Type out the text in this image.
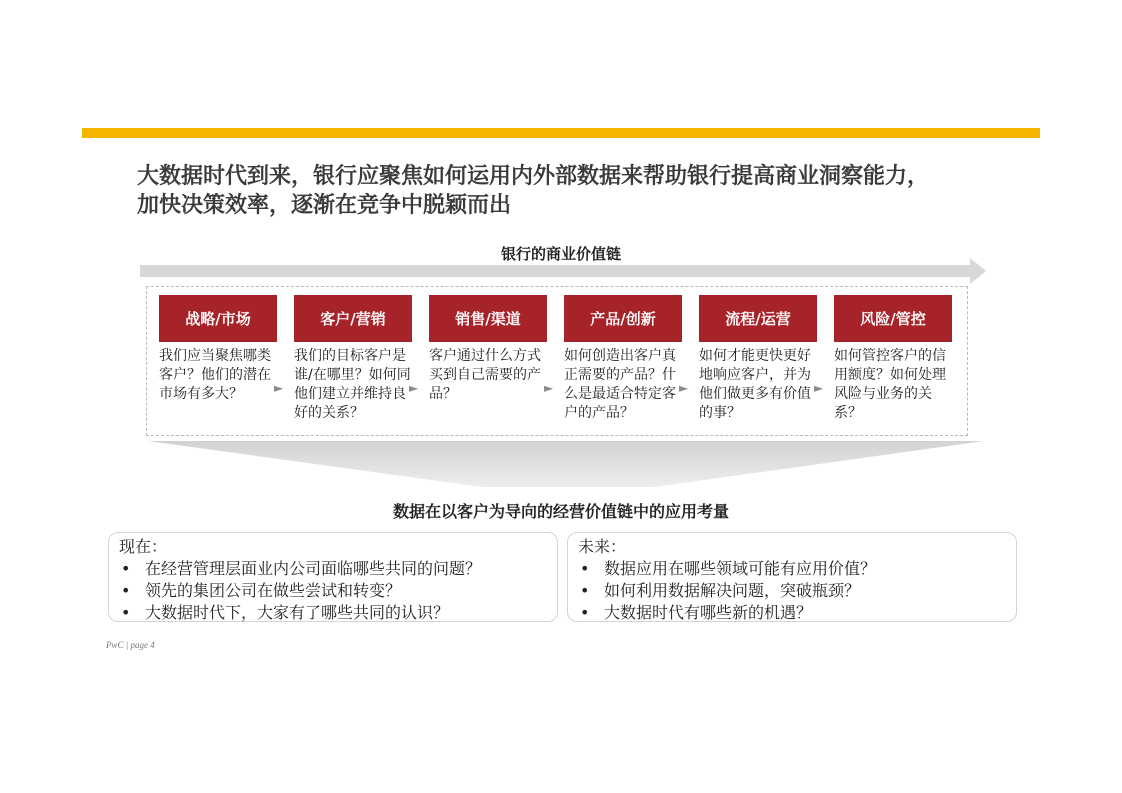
大数据时代到来，银行应聚焦如何运用内外部数据来帮助银行提高商业洞察能力，
加快决策效率，逐渐在竞争中脱颖而出
银行的商业价值链
战略/市场
我们应当聚焦哪类客户？他们的潜在市场有多大？
客户/营销
我们的目标客户是谁/在哪里？如何同他们建立并维持良好的关系？
销售/渠道
客户通过什么方式买到自己需要的产品？
产品/创新
如何创造出客户真正需要的产品？什么是最适合特定客户的产品？
流程/运营
如何才能更快更好地响应客户，并为他们做更多有价值的事？
风险/管控
如何管控客户的信用额度？如何处理风险与业务的关系？
►	►	►	►	►
数据在以客户为导向的经营价值链中的应用考量
现在：
• 在经营管理层面业内公司面临哪些共同的问题？
• 领先的集团公司在做些尝试和转变？
• 大数据时代下，大家有了哪些共同的认识？
未来：
• 数据应用在哪些领域可能有应用价值？
• 如何利用数据解决问题，突破瓶颈？
• 大数据时代有哪些新的机遇？
PwC | page 4
